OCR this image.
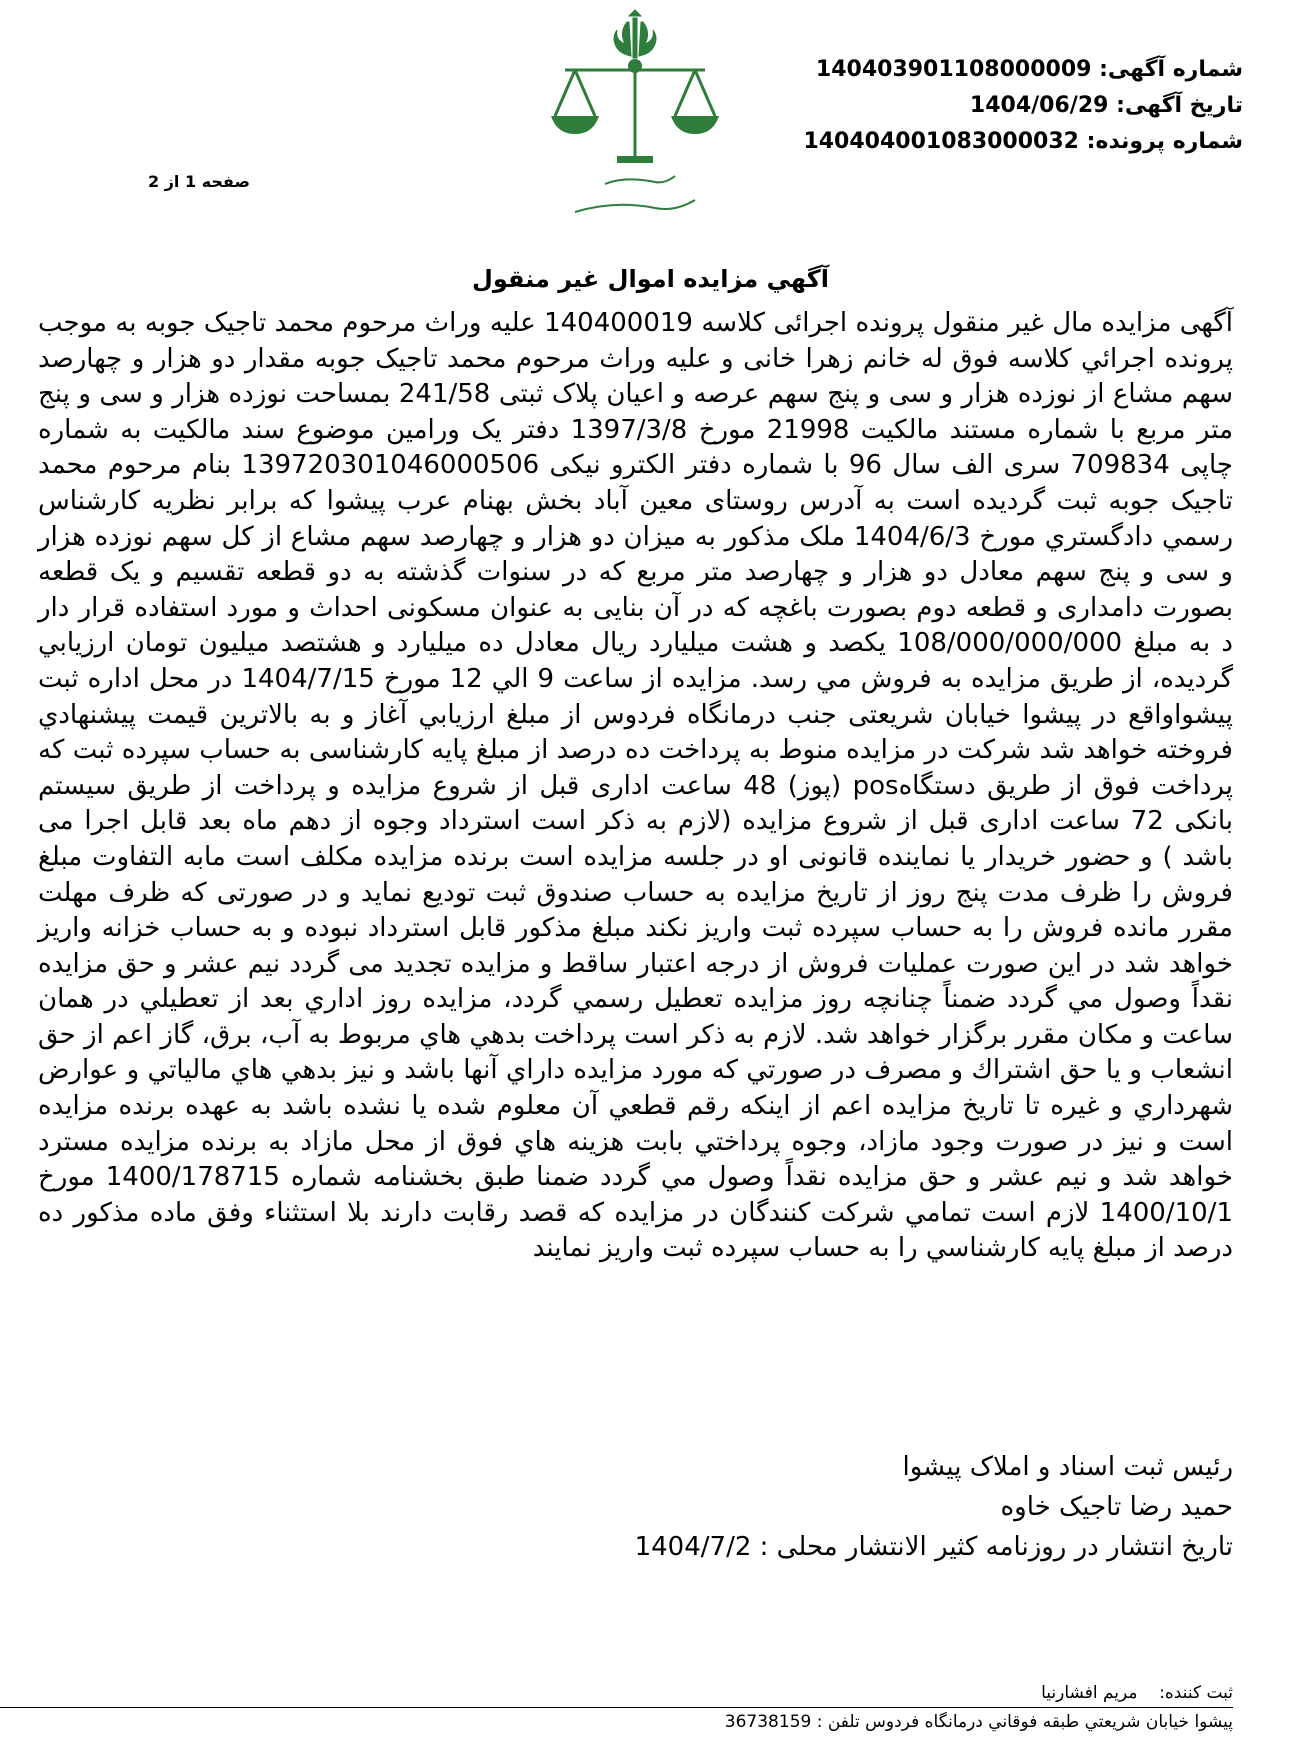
شماره آگهی: 140403901108000009
تاریخ آگهی: 1404/06/29
شماره پرونده: 140404001083000032
صفحه 1 از 2
آگهي مزايده اموال غير منقول
آگهی مزایده مال غیر منقول پرونده اجرائی کلاسه 140400019 علیه وراث مرحوم محمد تاجیک جوبه به موجب پرونده اجرائي کلاسه فوق له خانم زهرا خانی و علیه وراث مرحوم محمد تاجیک جوبه مقدار دو هزار و چهارصد سهم مشاع از نوزده هزار و سی و پنج سهم عرصه و اعیان پلاک ثبتی 241/58 بمساحت نوزده هزار و سی و پنج متر مربع با شماره مستند مالکیت 21998 مورخ 1397/3/8 دفتر یک ورامین موضوع سند مالکیت به شماره چاپی 709834 سری الف سال 96 با شماره دفتر الکترو نیکی 139720301046000506 بنام مرحوم محمد تاجیک جوبه ثبت گردیده است به آدرس روستای معین آباد بخش بهنام عرب پیشوا که برابر نظریه کارشناس رسمي دادگستري مورخ 1404/6/3 ملک مذکور به میزان دو هزار و چهارصد سهم مشاع از کل سهم نوزده هزار و سی و پنج سهم معادل دو هزار و چهارصد متر مربع که در سنوات گذشته به دو قطعه تقسیم و یک قطعه بصورت دامداری و قطعه دوم بصورت باغچه که در آن بنایی به عنوان مسکونی احداث و مورد استفاده قرار دار د به مبلغ 108/000/000/000 یکصد و هشت میلیارد ریال معادل ده میلیارد و هشتصد میلیون تومان ارزيابي گرديده، از طريق مزايده به فروش مي رسد. مزایده از ساعت 9 الي 12 مورخ 1404/7/15 در محل اداره ثبت پیشواواقع در پیشوا خیابان شریعتی جنب درمانگاه فردوس از مبلغ ارزيابي آغاز و به بالاترين قيمت پيشنهادي فروخته خواهد شد شرکت در مزایده منوط به پرداخت ده درصد از مبلغ پایه کارشناسی به حساب سپرده ثبت که پرداخت فوق از طریق دستگاهpos (پوز) 48 ساعت اداری قبل از شروع مزایده و پرداخت از طریق سیستم بانکی 72 ساعت اداری قبل از شروع مزایده (لازم به ذکر است استرداد وجوه از دهم ماه بعد قابل اجرا می باشد ) و حضور خریدار یا نماینده قانونی او در جلسه مزایده است برنده مزایده مکلف است مابه التفاوت مبلغ فروش را ظرف مدت پنج روز از تاریخ مزایده به حساب صندوق ثبت تودیع نماید و در صورتی که ظرف مهلت مقرر مانده فروش را به حساب سپرده ثبت واریز نکند مبلغ مذکور قابل استرداد نبوده و به حساب خزانه واریز خواهد شد در این صورت عملیات فروش از درجه اعتبار ساقط و مزایده تجدید می گردد نیم عشر و حق مزایده نقداً وصول مي گردد ضمناً چنانچه روز مزايده تعطيل رسمي گردد، مزايده روز اداري بعد از تعطيلي در همان ساعت و مكان مقرر برگزار خواهد شد. لازم به ذكر است پرداخت بدهي هاي مربوط به آب، برق، گاز اعم از حق انشعاب و يا حق اشتراك و مصرف در صورتي كه مورد مزايده داراي آنها باشد و نيز بدهي هاي مالياتي و عوارض شهرداري و غيره تا تاريخ مزايده اعم از اينكه رقم قطعي آن معلوم شده يا نشده باشد به عهده برنده مزايده است و نيز در صورت وجود مازاد، وجوه پرداختي بابت هزينه هاي فوق از محل مازاد به برنده مزايده مسترد خواهد شد و نيم عشر و حق مزايده نقداً وصول مي گردد ضمنا طبق بخشنامه شماره 1400/178715 مورخ 1400/10/1 لازم است تمامي شركت كنندگان در مزايده كه قصد رقابت دارند بلا استثناء وفق ماده مذكور ده درصد از مبلغ پايه كارشناسي را به حساب سپرده ثبت واريز نمايند
رئيس ثبت اسناد و املاک پيشوا
حمید رضا تاجیک خاوه
تاریخ انتشار در روزنامه کثیر الانتشار محلی : 1404/7/2
ثبت کننده:    مریم افشارنیا
پیشوا خیابان شریعتي طبقه فوقاني درمانگاه فردوس تلفن : 36738159
